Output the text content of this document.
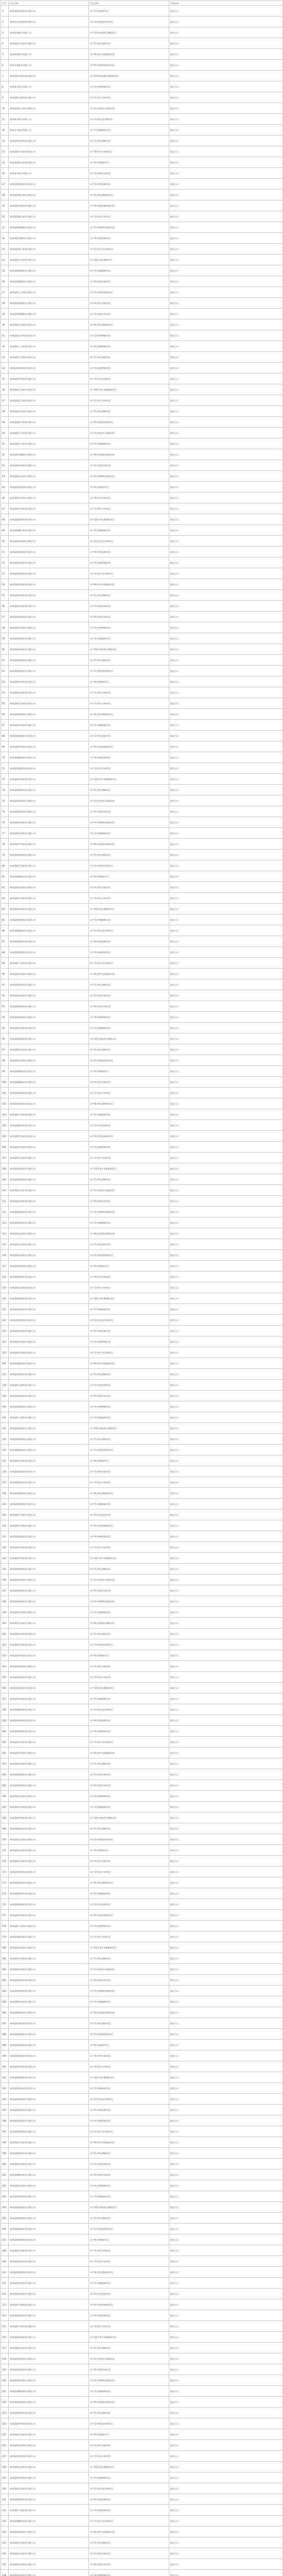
序号	企业名称	项目名称	审查结果
1	杭州富阳某某纸业有限公司	年产5万吨造纸项目	通过公示
2	杭州宏达包装材料有限公司	年产3万吨包装用纸项目	通过公示
3	杭州富春纸业有限公司	年产10万吨高档瓦楞纸项目	通过公示
4	杭州富阳兴达纸业有限公司	年产2万吨白板纸项目	通过公示
5	杭州金球纸业有限公司	年产8万吨牛皮箱板纸项目	通过公示
6	杭州永盛纸业有限公司	年产6万吨纱管纸技改项目	通过公示
7	杭州富阳中联纸业有限公司	年产15万吨高强瓦楞原纸项目	通过公示
8	杭州春江纸业有限公司	年产4万吨特种纸项目	通过公示
9	杭州富阳大源纸业有限公司	年产3万吨卫生纸项目	通过公示
10	杭州富阳环山纸业有限公司	年产5万吨涂布白板纸项目	通过公示
11	杭州新登纸业有限公司	年产2万吨文化用纸项目	通过公示
12	杭州永兴纸业有限公司	年产7万吨箱板纸项目	通过公示
13	杭州富阳灵桥纸业有限公司	年产3万吨瓦楞纸项目	通过公示
14	杭州富阳华丰纸业有限公司	年产20万吨牛皮纸项目	通过公示
15	杭州富阳里山纸业有限公司	年产5万吨纸板项目	通过公示
16	杭州场口纸业有限公司	年产4万吨再生纸项目	通过公示
17	杭州富阳常安纸业有限公司	年产2万吨包装纸项目	通过公示
18	杭州富阳渔山纸业有限公司	年产6万吨瓦楞原纸项目	通过公示
19	杭州富阳东洲纸业有限公司	年产8万吨高档箱纸板项目	通过公示
20	杭州富阳鹿山纸业有限公司	年产3万吨白卡纸项目	通过公示
21	杭州富阳银湖纸业有限公司	年产5万吨特种包装纸项目	通过公示
22	杭州富阳受降纸业有限公司	年产4万吨纸管纸项目	通过公示
23	杭州富阳胥口纸业有限公司	年产2万吨卫生用纸项目	通过公示
24	杭州富阳万市纸业有限公司	年产10万吨瓦楞纸项目	通过公示
25	杭州富阳洞桥纸业有限公司	年产3万吨箱板纸项目	通过公示
26	杭州富阳湖源纸业有限公司	年产6万吨涂布纸项目	通过公示
27	杭州富阳上官纸业有限公司	年产5万吨包装纸板项目	通过公示
28	杭州富阳春建纸业有限公司	年产4万吨牛皮纸项目	通过公示
29	杭州富阳新桐纸业有限公司	年产3万吨再生纸项目	通过公示
30	杭州富阳永昌纸业有限公司	年产8万吨瓦楞原纸项目	通过公示
31	杭州富阳龙羊纸业有限公司	年产2万吨特种纸项目	通过公示
32	杭州富阳三山纸业有限公司	年产6万吨箱纸板项目	通过公示
33	杭州富阳大青纸业有限公司	年产5万吨白板纸项目	通过公示
34	杭州富阳新沙纸业有限公司	年产4万吨纸管纸项目	通过公示
35	杭州富阳东坞纸业有限公司	年产3万吨文化纸项目	通过公示
36	杭州富阳王家纸业有限公司	年产10万吨牛皮箱板纸项目	通过公示
37	杭州富阳青云纸业有限公司	年产2万吨卫生纸项目	通过公示
38	杭州富阳虎山纸业有限公司	年产5万吨瓦楞纸项目	通过公示
39	杭州富阳金竹纸业有限公司	年产6万吨包装用纸项目	通过公示
40	杭州富阳太平纸业有限公司	年产4万吨涂布白板纸项目	通过公示
41	杭州富阳长兴纸业有限公司	年产3万吨箱板纸项目	通过公示
42	杭州富阳双溪纸业有限公司	年产8万吨高强瓦楞纸项目	通过公示
43	杭州富阳东图纸业有限公司	年产5万吨再生纸项目	通过公示
44	杭州富阳西山纸业有限公司	年产2万吨特种包装纸项目	通过公示
45	杭州富阳南新纸业有限公司	年产6万吨纸板项目	通过公示
46	杭州富阳北亭纸业有限公司	年产4万吨牛皮纸项目	通过公示
47	杭州富阳中埠纸业有限公司	年产3万吨白卡纸项目	通过公示
48	杭州富阳高桥纸业有限公司	年产10万吨瓦楞原纸项目	通过公示
49	杭州富阳横山纸业有限公司	年产5万吨箱纸板项目	通过公示
50	杭州富阳安顶纸业有限公司	年产2万吨文化用纸项目	通过公示
51	杭州富阳唐昌纸业有限公司	年产6万吨包装纸项目	通过公示
52	杭州富阳朱家纸业有限公司	年产4万吨纸管纸项目	通过公示
53	杭州富阳汤家纸业有限公司	年产3万吨卫生用纸项目	通过公示
54	杭州富阳蒋家纸业有限公司	年产8万吨牛皮箱板纸项目	通过公示
55	杭州富阳章村纸业有限公司	年产5万吨瓦楞纸项目	通过公示
56	杭州富阳孙家纸业有限公司	年产2万吨涂布纸项目	通过公示
57	杭州富阳周家纸业有限公司	年产6万吨再生纸项目	通过公示
58	杭州富阳吴家纸业有限公司	年产4万吨特种纸项目	通过公示
59	杭州富阳郑家纸业有限公司	年产3万吨箱板纸项目	通过公示
60	杭州富阳何家纸业有限公司	年产10万吨高档瓦楞纸项目	通过公示
61	杭州富阳陈家纸业有限公司	年产5万吨白板纸项目	通过公示
62	杭州富阳林家纸业有限公司	年产2万吨包装用纸项目	通过公示
63	杭州富阳许家纸业有限公司	年产6万吨纸板项目	通过公示
64	杭州富阳金家纸业有限公司	年产4万吨牛皮纸项目	通过公示
65	杭州富阳方家纸业有限公司	年产3万吨白卡纸项目	通过公示
66	杭州富阳邵家纸业有限公司	年产8万吨瓦楞原纸项目	通过公示
67	杭州富阳叶家纸业有限公司	年产5万吨箱纸板项目	通过公示
68	杭州富阳俞家纸业有限公司	年产2万吨文化纸项目	通过公示
69	杭州富阳华家纸业有限公司	年产6万吨包装纸板项目	通过公示
70	杭州富阳楼家纸业有限公司	年产4万吨纸管纸项目	通过公示
71	杭州富阳盛家纸业有限公司	年产3万吨卫生纸项目	通过公示
72	杭州富阳洪家纸业有限公司	年产10万吨牛皮箱板纸项目	通过公示
73	杭州富阳董家纸业有限公司	年产5万吨瓦楞纸项目	通过公示
74	杭州富阳骆家纸业有限公司	年产2万吨涂布白板纸项目	通过公示
75	杭州富阳夏家纸业有限公司	年产6万吨再生纸项目	通过公示
76	杭州富阳蔡家纸业有限公司	年产4万吨特种包装纸项目	通过公示
77	杭州富阳沈家纸业有限公司	年产3万吨箱板纸项目	通过公示
78	杭州富阳严家纸业有限公司	年产8万吨高强瓦楞纸项目	通过公示
79	杭州富阳钱家纸业有限公司	年产5万吨白板纸项目	通过公示
80	杭州富阳江家纸业有限公司	年产2万吨包装用纸项目	通过公示
81	杭州富阳鲍家纸业有限公司	年产6万吨纸板项目	通过公示
82	杭州富阳范家纸业有限公司	年产4万吨牛皮纸项目	通过公示
83	杭州富阳应家纸业有限公司	年产3万吨白卡纸项目	通过公示
84	杭州富阳余家纸业有限公司	年产10万吨瓦楞原纸项目	通过公示
85	杭州富阳姚家纸业有限公司	年产5万吨箱纸板项目	通过公示
86	杭州富阳傅家纸业有限公司	年产2万吨文化用纸项目	通过公示
87	杭州富阳潘家纸业有限公司	年产6万吨包装纸项目	通过公示
88	杭州富阳曹家纸业有限公司	年产4万吨纸管纸项目	通过公示
89	杭州富阳丁家纸业有限公司	年产3万吨卫生用纸项目	通过公示
90	杭州富阳宋家纸业有限公司	年产8万吨牛皮箱板纸项目	通过公示
91	杭州富阳程家纸业有限公司	年产5万吨瓦楞纸项目	通过公示
92	杭州富阳袁家纸业有限公司	年产2万吨涂布纸项目	通过公示
93	杭州富阳韩家纸业有限公司	年产6万吨再生纸项目	通过公示
94	杭州富阳唐家纸业有限公司	年产4万吨特种纸项目	通过公示
95	杭州富阳冯家纸业有限公司	年产3万吨箱板纸项目	通过公示
96	杭州富阳萧家纸业有限公司	年产10万吨高档瓦楞纸项目	通过公示
97	杭州富阳田家纸业有限公司	年产5万吨白板纸项目	通过公示
98	杭州富阳杜家纸业有限公司	年产2万吨包装用纸项目	通过公示
99	杭州富阳戴家纸业有限公司	年产6万吨纸板项目	通过公示
100	杭州富阳魏家纸业有限公司	年产4万吨牛皮纸项目	通过公示
101	杭州富阳薛家纸业有限公司	年产3万吨白卡纸项目	通过公示
102	杭州富阳苏家纸业有限公司	年产8万吨瓦楞原纸项目	通过公示
103	杭州富阳卢家纸业有限公司	年产5万吨箱纸板项目	通过公示
104	杭州富阳蒋村纸业有限公司	年产2万吨文化纸项目	通过公示
105	杭州富阳毛家纸业有限公司	年产6万吨包装纸板项目	通过公示
106	杭州富阳任家纸业有限公司	年产4万吨纸管纸项目	通过公示
107	杭州富阳石家纸业有限公司	年产3万吨卫生纸项目	通过公示
108	杭州富阳邱家纸业有限公司	年产10万吨牛皮箱板纸项目	通过公示
109	杭州富阳秦家纸业有限公司	年产5万吨瓦楞纸项目	通过公示
110	杭州富阳江村纸业有限公司	年产2万吨涂布白板纸项目	通过公示
111	杭州富阳史家纸业有限公司	年产6万吨再生纸项目	通过公示
112	杭州富阳顾家纸业有限公司	年产4万吨特种包装纸项目	通过公示
113	杭州富阳侯家纸业有限公司	年产3万吨箱板纸项目	通过公示
114	杭州富阳龙家纸业有限公司	年产8万吨高强瓦楞纸项目	通过公示
115	杭州富阳万家纸业有限公司	年产5万吨白板纸项目	通过公示
116	杭州富阳段家纸业有限公司	年产2万吨包装用纸项目	通过公示
117	杭州富阳雷家纸业有限公司	年产6万吨纸板项目	通过公示
118	杭州富阳钟家纸业有限公司	年产4万吨牛皮纸项目	通过公示
119	杭州富阳汪家纸业有限公司	年产3万吨白卡纸项目	通过公示
120	杭州富阳黎家纸业有限公司	年产10万吨瓦楞原纸项目	通过公示
121	杭州富阳易家纸业有限公司	年产5万吨箱纸板项目	通过公示
122	杭州富阳常家纸业有限公司	年产2万吨文化用纸项目	通过公示
123	杭州富阳武家纸业有限公司	年产6万吨包装纸项目	通过公示
124	杭州富阳乔家纸业有限公司	年产4万吨纸管纸项目	通过公示
125	杭州富阳贺家纸业有限公司	年产3万吨卫生用纸项目	通过公示
126	杭州富阳赖家纸业有限公司	年产8万吨牛皮箱板纸项目	通过公示
127	杭州富阳龚家纸业有限公司	年产5万吨瓦楞纸项目	通过公示
128	杭州富阳文家纸业有限公司	年产2万吨涂布纸项目	通过公示
129	杭州富阳庞家纸业有限公司	年产6万吨再生纸项目	通过公示
130	杭州富阳樊家纸业有限公司	年产4万吨特种纸项目	通过公示
131	杭州富阳兰家纸业有限公司	年产3万吨箱板纸项目	通过公示
132	杭州富阳殷家纸业有限公司	年产10万吨高档瓦楞纸项目	通过公示
133	杭州富阳施家纸业有限公司	年产5万吨白板纸项目	通过公示
134	杭州富阳陶家纸业有限公司	年产2万吨包装用纸项目	通过公示
135	杭州富阳洪村纸业有限公司	年产6万吨纸板项目	通过公示
136	杭州富阳翟家纸业有限公司	年产4万吨牛皮纸项目	通过公示
137	杭州富阳安家纸业有限公司	年产3万吨白卡纸项目	通过公示
138	杭州富阳颜家纸业有限公司	年产8万吨瓦楞原纸项目	通过公示
139	杭州富阳倪家纸业有限公司	年产5万吨箱纸板项目	通过公示
140	杭州富阳严村纸业有限公司	年产2万吨文化纸项目	通过公示
141	杭州富阳牛家纸业有限公司	年产6万吨包装纸板项目	通过公示
142	杭州富阳温家纸业有限公司	年产4万吨纸管纸项目	通过公示
143	杭州富阳芦家纸业有限公司	年产3万吨卫生纸项目	通过公示
144	杭州富阳季家纸业有限公司	年产10万吨牛皮箱板纸项目	通过公示
145	杭州富阳俞村纸业有限公司	年产5万吨瓦楞纸项目	通过公示
146	杭州富阳章家纸业有限公司	年产2万吨涂布白板纸项目	通过公示
147	杭州富阳鲁家纸业有限公司	年产6万吨再生纸项目	通过公示
148	杭州富阳葛家纸业有限公司	年产4万吨特种包装纸项目	通过公示
149	杭州富阳伍家纸业有限公司	年产3万吨箱板纸项目	通过公示
150	杭州富阳韦家纸业有限公司	年产8万吨高强瓦楞纸项目	通过公示
151	杭州富阳申家纸业有限公司	年产5万吨白板纸项目	通过公示
152	杭州富阳尤家纸业有限公司	年产2万吨包装用纸项目	通过公示
153	杭州富阳毕家纸业有限公司	年产6万吨纸板项目	通过公示
154	杭州富阳聂家纸业有限公司	年产4万吨牛皮纸项目	通过公示
155	杭州富阳丛家纸业有限公司	年产3万吨白卡纸项目	通过公示
156	杭州富阳焦家纸业有限公司	年产10万吨瓦楞原纸项目	通过公示
157	杭州富阳向家纸业有限公司	年产5万吨箱纸板项目	通过公示
158	杭州富阳柳家纸业有限公司	年产2万吨文化用纸项目	通过公示
159	杭州富阳邢家纸业有限公司	年产6万吨包装纸项目	通过公示
160	杭州富阳路家纸业有限公司	年产4万吨纸管纸项目	通过公示
161	杭州富阳岳家纸业有限公司	年产3万吨卫生用纸项目	通过公示
162	杭州富阳齐家纸业有限公司	年产8万吨牛皮箱板纸项目	通过公示
163	杭州富阳沿家纸业有限公司	年产5万吨瓦楞纸项目	通过公示
164	杭州富阳梅家纸业有限公司	年产2万吨涂布纸项目	通过公示
165	杭州富阳莫家纸业有限公司	年产6万吨再生纸项目	通过公示
166	杭州富阳庄家纸业有限公司	年产4万吨特种纸项目	通过公示
167	杭州富阳辛家纸业有限公司	年产3万吨箱板纸项目	通过公示
168	杭州富阳管家纸业有限公司	年产10万吨高档瓦楞纸项目	通过公示
169	杭州富阳祝家纸业有限公司	年产5万吨白板纸项目	通过公示
170	杭州富阳左家纸业有限公司	年产2万吨包装用纸项目	通过公示
171	杭州富阳涂家纸业有限公司	年产6万吨纸板项目	通过公示
172	杭州富阳谷家纸业有限公司	年产4万吨牛皮纸项目	通过公示
173	杭州富阳祁家纸业有限公司	年产3万吨白卡纸项目	通过公示
174	杭州富阳时家纸业有限公司	年产8万吨瓦楞原纸项目	通过公示
175	杭州富阳舒家纸业有限公司	年产5万吨箱纸板项目	通过公示
176	杭州富阳耿家纸业有限公司	年产2万吨文化纸项目	通过公示
177	杭州富阳牟家纸业有限公司	年产6万吨包装纸板项目	通过公示
178	杭州富阳卜家纸业有限公司	年产4万吨纸管纸项目	通过公示
179	杭州富阳路村纸业有限公司	年产3万吨卫生纸项目	通过公示
180	杭州富阳詹家纸业有限公司	年产10万吨牛皮箱板纸项目	通过公示
181	杭州富阳关家纸业有限公司	年产5万吨瓦楞纸项目	通过公示
182	杭州富阳苗家纸业有限公司	年产2万吨涂布白板纸项目	通过公示
183	杭州富阳凌家纸业有限公司	年产6万吨再生纸项目	通过公示
184	杭州富阳费家纸业有限公司	年产4万吨特种包装纸项目	通过公示
185	杭州富阳纪家纸业有限公司	年产3万吨箱板纸项目	通过公示
186	杭州富阳靳家纸业有限公司	年产8万吨高强瓦楞纸项目	通过公示
187	杭州富阳盛村纸业有限公司	年产5万吨白板纸项目	通过公示
188	杭州富阳童家纸业有限公司	年产2万吨包装用纸项目	通过公示
189	杭州富阳欧家纸业有限公司	年产6万吨纸板项目	通过公示
190	杭州富阳甄家纸业有限公司	年产4万吨牛皮纸项目	通过公示
191	杭州富阳项家纸业有限公司	年产3万吨白卡纸项目	通过公示
192	杭州富阳曲家纸业有限公司	年产10万吨瓦楞原纸项目	通过公示
193	杭州富阳成家纸业有限公司	年产5万吨箱纸板项目	通过公示
194	杭州富阳游家纸业有限公司	年产2万吨文化用纸项目	通过公示
195	杭州富阳阳家纸业有限公司	年产6万吨包装纸项目	通过公示
196	杭州富阳裴家纸业有限公司	年产4万吨纸管纸项目	通过公示
197	杭州富阳席家纸业有限公司	年产3万吨卫生用纸项目	通过公示
198	杭州富阳卫家纸业有限公司	年产8万吨牛皮箱板纸项目	通过公示
199	杭州富阳查家纸业有限公司	年产5万吨瓦楞纸项目	通过公示
200	杭州富阳屈家纸业有限公司	年产2万吨涂布纸项目	通过公示
201	杭州富阳鲍村纸业有限公司	年产6万吨再生纸项目	通过公示
202	杭州富阳位家纸业有限公司	年产4万吨特种纸项目	通过公示
203	杭州富阳覃家纸业有限公司	年产3万吨箱板纸项目	通过公示
204	杭州富阳霍家纸业有限公司	年产10万吨高档瓦楞纸项目	通过公示
205	杭州富阳翁家纸业有限公司	年产5万吨白板纸项目	通过公示
206	杭州富阳隋家纸业有限公司	年产2万吨包装用纸项目	通过公示
207	杭州富阳植家纸业有限公司	年产6万吨纸板项目	通过公示
208	杭州富阳甘家纸业有限公司	年产4万吨牛皮纸项目	通过公示
209	杭州富阳景家纸业有限公司	年产3万吨白卡纸项目	通过公示
210	杭州富阳薄家纸业有限公司	年产8万吨瓦楞原纸项目	通过公示
211	杭州富阳单家纸业有限公司	年产5万吨箱纸板项目	通过公示
212	杭州富阳包家纸业有限公司	年产2万吨文化纸项目	通过公示
213	杭州富阳司家纸业有限公司	年产6万吨包装纸板项目	通过公示
214	杭州富阳柏家纸业有限公司	年产4万吨纸管纸项目	通过公示
215	杭州富阳宁家纸业有限公司	年产3万吨卫生纸项目	通过公示
216	杭州富阳柯家纸业有限公司	年产10万吨牛皮箱板纸项目	通过公示
217	杭州富阳阮家纸业有限公司	年产5万吨瓦楞纸项目	通过公示
218	杭州富阳桂家纸业有限公司	年产2万吨涂布白板纸项目	通过公示
219	杭州富阳闵家纸业有限公司	年产6万吨再生纸项目	通过公示
220	杭州富阳欧村纸业有限公司	年产4万吨特种包装纸项目	通过公示
221	杭州富阳解家纸业有限公司	年产3万吨箱板纸项目	通过公示
222	杭州富阳强家纸业有限公司	年产8万吨高强瓦楞纸项目	通过公示
223	杭州富阳柴家纸业有限公司	年产5万吨白板纸项目	通过公示
224	杭州富阳华村纸业有限公司	年产2万吨包装用纸项目	通过公示
225	杭州富阳车家纸业有限公司	年产6万吨纸板项目	通过公示
226	杭州富阳冉家纸业有限公司	年产4万吨牛皮纸项目	通过公示
227	杭州富阳房家纸业有限公司	年产3万吨白卡纸项目	通过公示
228	杭州富阳边家纸业有限公司	年产10万吨瓦楞原纸项目	通过公示
229	杭州富阳辜家纸业有限公司	年产5万吨箱纸板项目	通过公示
230	杭州富阳吉家纸业有限公司	年产2万吨文化用纸项目	通过公示
231	杭州富阳饶家纸业有限公司	年产6万吨包装纸项目	通过公示
232	杭州富阳刁家纸业有限公司	年产4万吨纸管纸项目	通过公示
233	杭州富阳瞿家纸业有限公司	年产3万吨卫生用纸项目	通过公示
234	杭州富阳戚家纸业有限公司	年产8万吨牛皮箱板纸项目	通过公示
235	杭州富阳丘家纸业有限公司	年产5万吨瓦楞纸项目	通过公示
236	杭州富阳古家纸业有限公司	年产2万吨涂布纸项目	通过公示
237	杭州富阳米家纸业有限公司	年产6万吨再生纸项目	通过公示
238	杭州富阳池家纸业有限公司	年产4万吨特种纸项目	通过公示
